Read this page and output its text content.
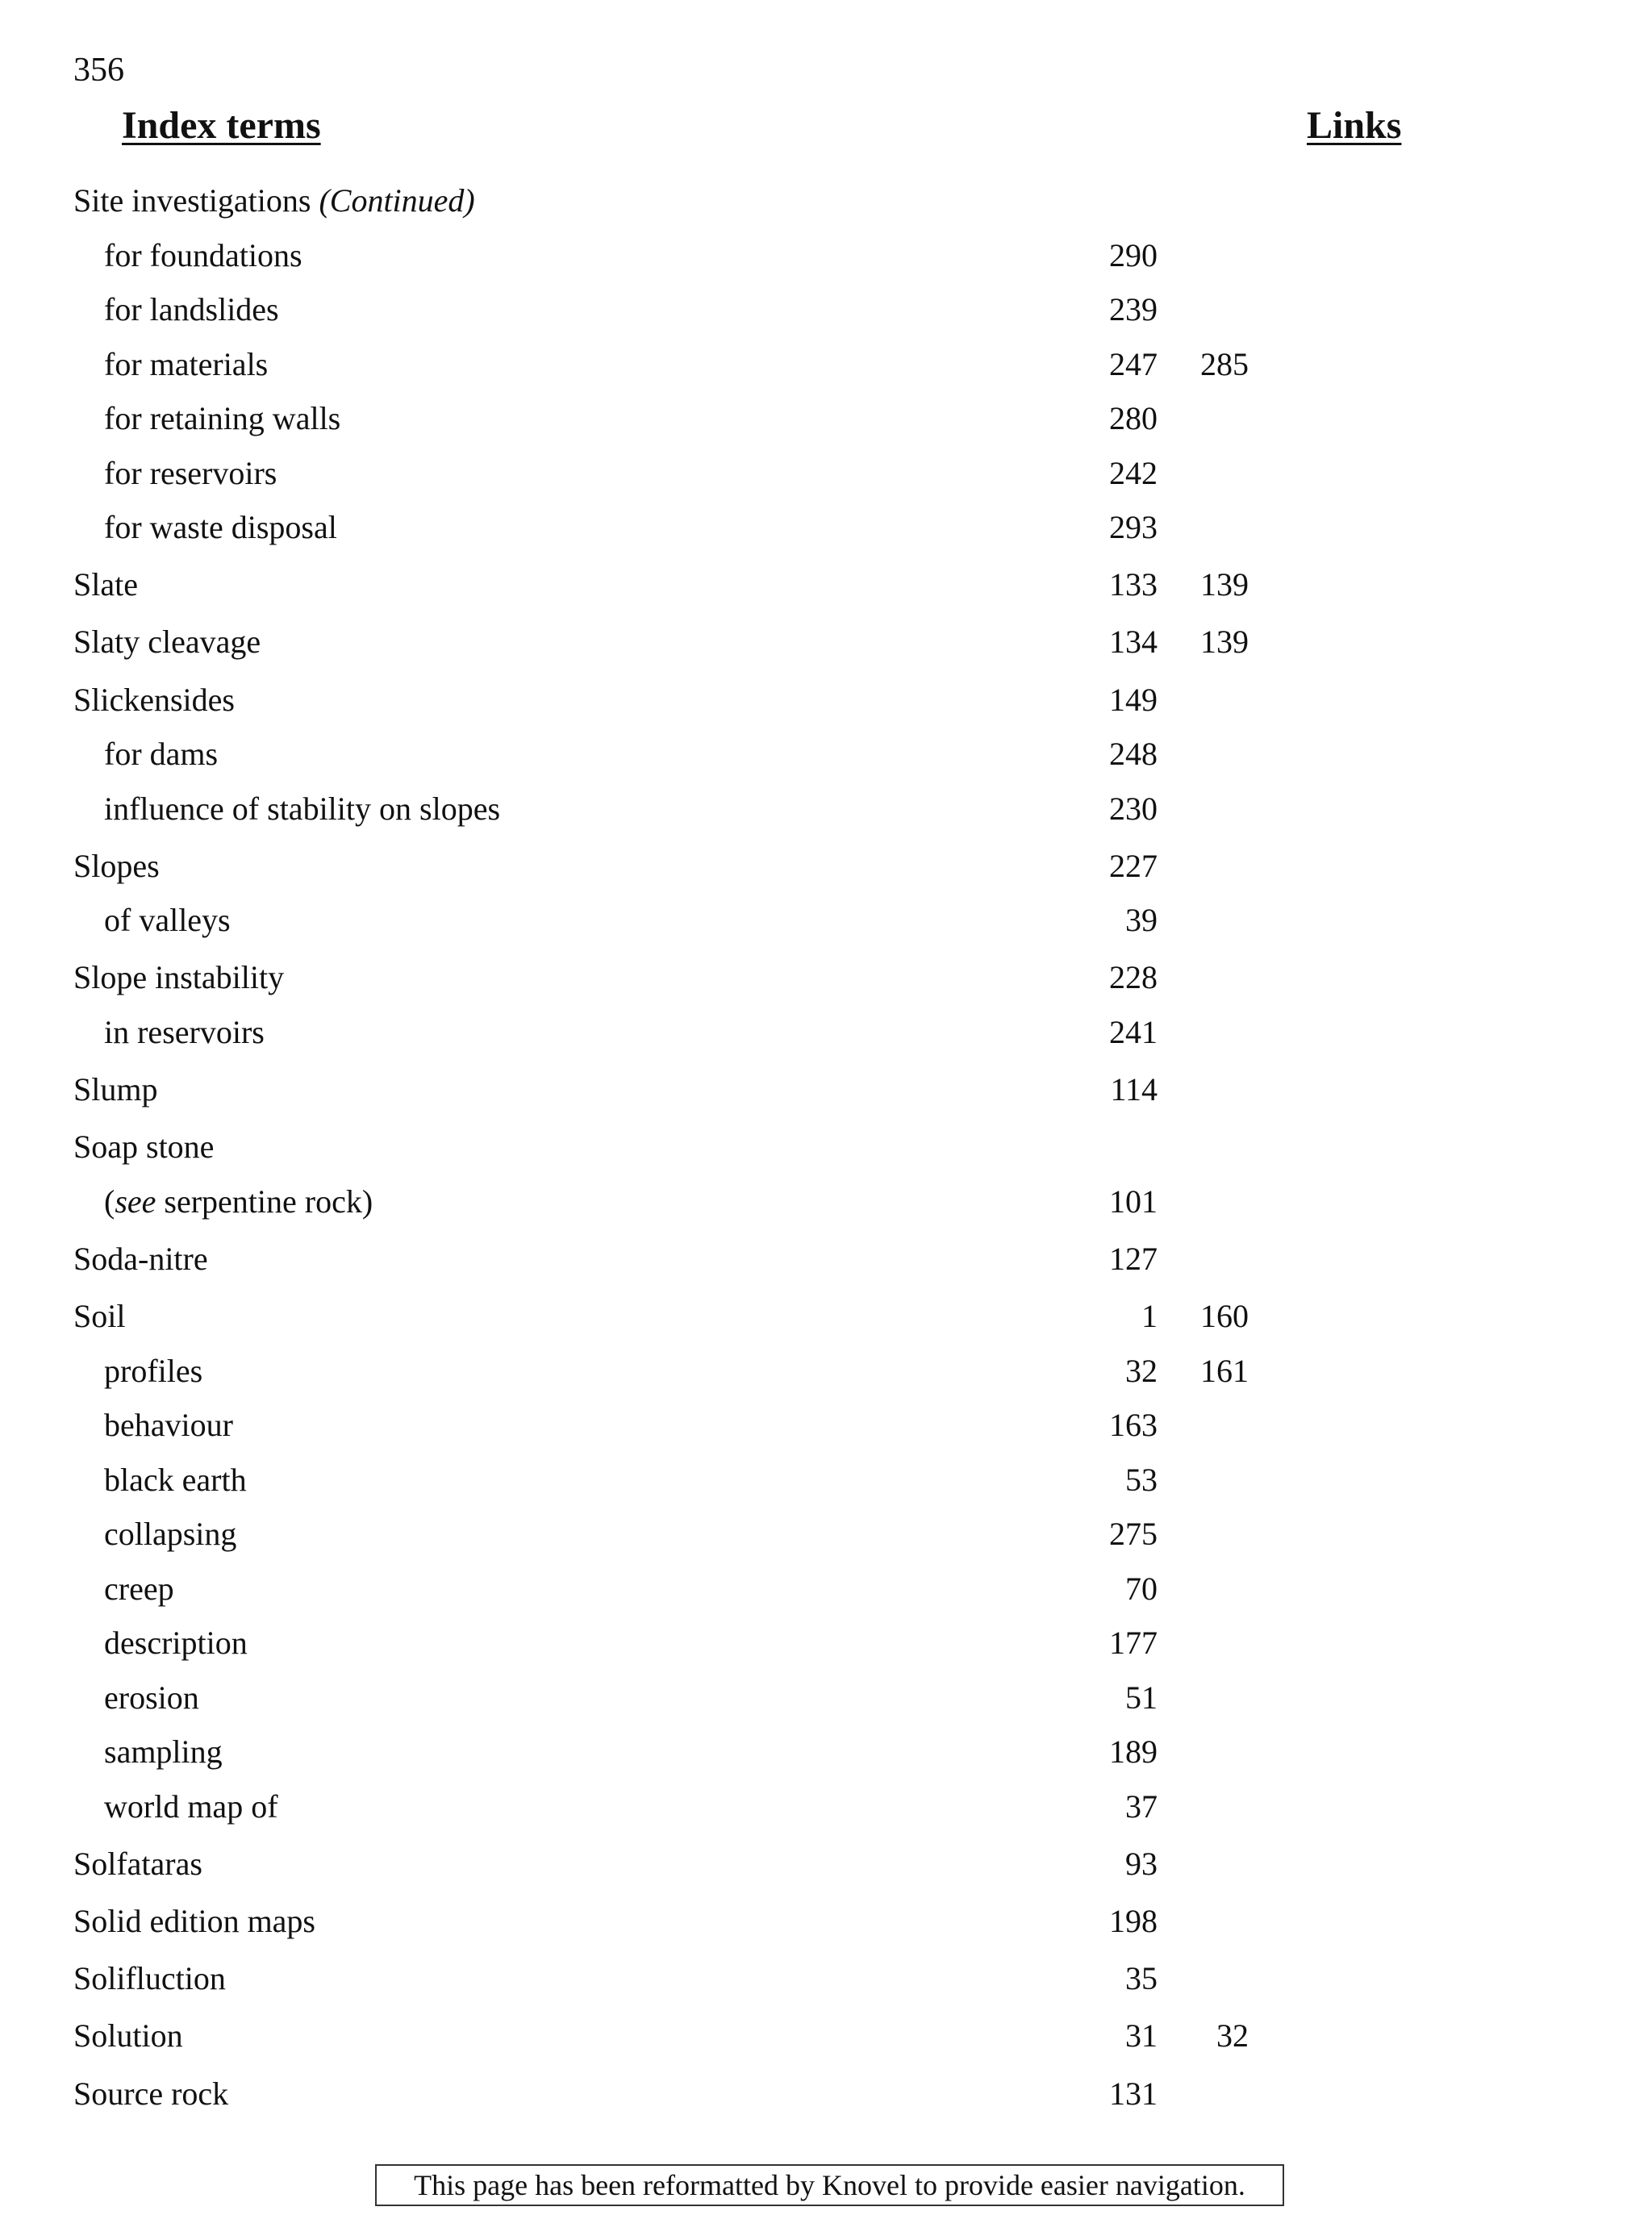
356
Index terms	Links
Site investigations (Continued)
for foundations	290
for landslides	239
for materials	247 285
for retaining walls	280
for reservoirs	242
for waste disposal	293
Slate	133 139
Slaty cleavage	134 139
Slickensides	149
for dams	248
influence of stability on slopes	230
Slopes	227
of valleys	39
Slope instability	228
in reservoirs	241
Slump	114
Soap stone
(see serpentine rock)	101
Soda-nitre	127
Soil	1 160
profiles	32 161
behaviour	163
black earth	53
collapsing	275
creep	70
description	177
erosion	51
sampling	189
world map of	37
Solfataras	93
Solid edition maps	198
Solifluction	35
Solution	31 32
Source rock	131
This page has been reformatted by Knovel to provide easier navigation.
